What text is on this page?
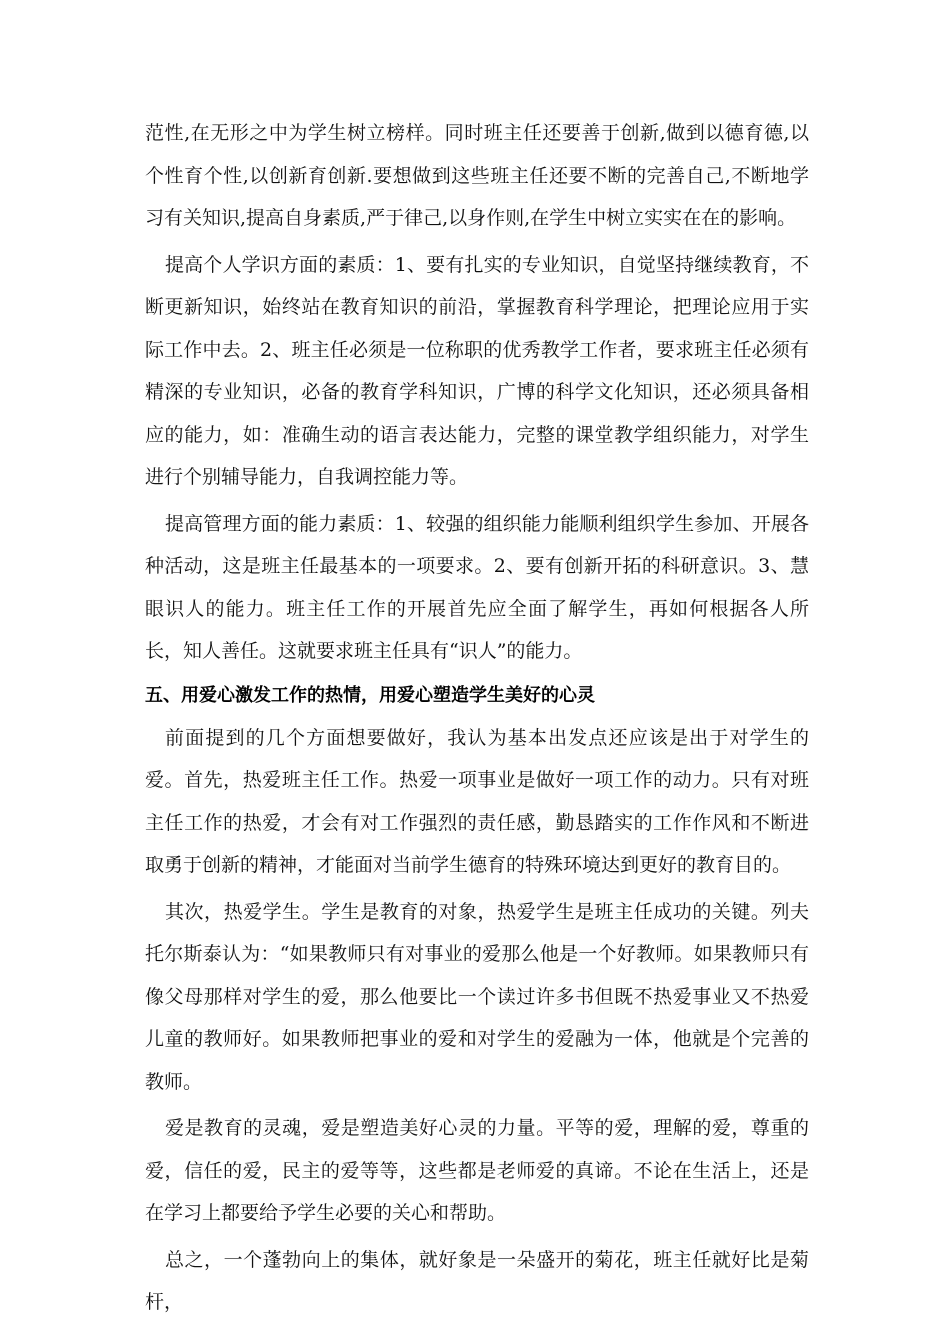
范性,在无形之中为学生树立榜样。同时班主任还要善于创新,做到以德育德,以个性育个性,以创新育创新.要想做到这些班主任还要不断的完善自己,不断地学习有关知识,提高自身素质,严于律己,以身作则,在学生中树立实实在在的影响。

提高个人学识方面的素质：1、要有扎实的专业知识，自觉坚持继续教育，不断更新知识，始终站在教育知识的前沿，掌握教育科学理论，把理论应用于实际工作中去。2、班主任必须是一位称职的优秀教学工作者，要求班主任必须有精深的专业知识，必备的教育学科知识，广博的科学文化知识，还必须具备相应的能力，如：准确生动的语言表达能力，完整的课堂教学组织能力，对学生进行个别辅导能力，自我调控能力等。

提高管理方面的能力素质：1、较强的组织能力能顺利组织学生参加、开展各种活动，这是班主任最基本的一项要求。2、要有创新开拓的科研意识。3、慧眼识人的能力。班主任工作的开展首先应全面了解学生，再如何根据各人所长，知人善任。这就要求班主任具有“识人”的能力。

五、用爱心激发工作的热情，用爱心塑造学生美好的心灵

前面提到的几个方面想要做好，我认为基本出发点还应该是出于对学生的爱。首先，热爱班主任工作。热爱一项事业是做好一项工作的动力。只有对班主任工作的热爱，才会有对工作强烈的责任感，勤恳踏实的工作作风和不断进取勇于创新的精神，才能面对当前学生德育的特殊环境达到更好的教育目的。

其次，热爱学生。学生是教育的对象，热爱学生是班主任成功的关键。列夫托尔斯泰认为：“如果教师只有对事业的爱那么他是一个好教师。如果教师只有像父母那样对学生的爱，那么他要比一个读过许多书但既不热爱事业又不热爱儿童的教师好。如果教师把事业的爱和对学生的爱融为一体，他就是个完善的教师。

爱是教育的灵魂，爱是塑造美好心灵的力量。平等的爱，理解的爱，尊重的爱，信任的爱，民主的爱等等，这些都是老师爱的真谛。不论在生活上，还是在学习上都要给予学生必要的关心和帮助。

总之，一个蓬勃向上的集体，就好象是一朵盛开的菊花，班主任就好比是菊杆，
